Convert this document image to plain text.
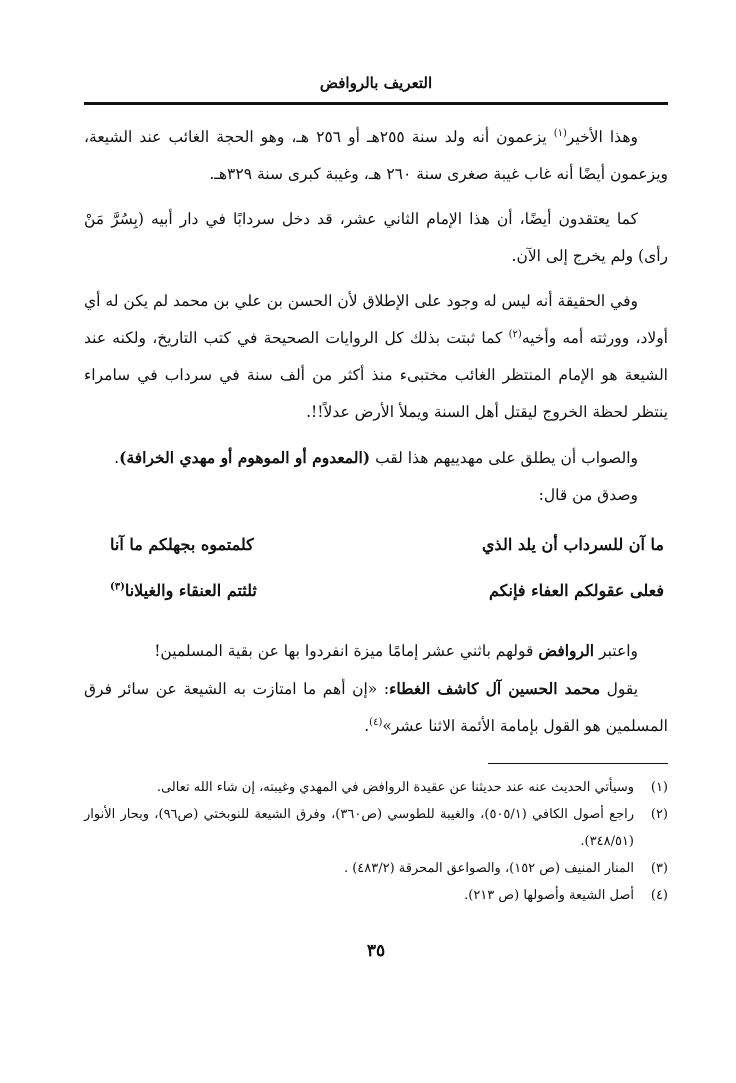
التعريف بالروافض

وهذا الأخير$^{(١)}$ يزعمون أنه ولد سنة ٢٥٥هـ أو ٢٥٦ هـ، وهو الحجة الغائب عند الشيعة، ويزعمون أيضًا أنه غاب غيبة صغرى سنة ٢٦٠ هـ، وغيبة كبرى سنة ٣٢٩هـ.

كما يعتقدون أيضًا، أن هذا الإمام الثاني عشر، قد دخل سردابًا في دار أبيه (بِسُرَّ مَنْ رأى) ولم يخرج إلى الآن.

وفي الحقيقة أنه ليس له وجود على الإطلاق لأن الحسن بن علي بن محمد لم يكن له أي أولاد، وورثته أمه وأخيه$^{(٢)}$ كما ثبتت بذلك كل الروايات الصحيحة في كتب التاريخ، ولكنه عند الشيعة هو الإمام المنتظر الغائب مختبىء منذ أكثر من ألف سنة في سرداب في سامراء ينتظر لحظة الخروج ليقتل أهل السنة ويملأ الأرض عدلاً!!.

والصواب أن يطلق على مهدييهم هذا لقب (المعدوم أو الموهوم أو مهدي الخرافة).

وصدق من قال:

ما آن للسرداب أن يلد الذي
كلمتموه بجهلكم ما آنا
فعلى عقولكم العفاء فإنكم
ثلثتم العنقاء والغيلانا$^{(٣)}$

واعتبر الروافض قولهم باثني عشر إمامًا ميزة انفردوا بها عن بقية المسلمين!

يقول محمد الحسين آل كاشف الغطاء: «إن أهم ما امتازت به الشيعة عن سائر فرق المسلمين هو القول بإمامة الأئمة الاثنا عشر»$^{(٤)}$.

(١)
وسيأتي الحديث عنه عند حديثنا عن عقيدة الروافض في المهدي وغيبته، إن شاء الله تعالى.
(٢)
راجع أصول الكافي (٥٠٥/١)، والغيبة للطوسي (ص٣٦٠)، وفرق الشيعة للنوبختي (ص٩٦)، وبحار الأنوار (٣٤٨/٥١).
(٣)
المنار المنيف (ص ١٥٢)، والصواعق المحرقة (٤٨٣/٢) .
(٤)
أصل الشيعة وأصولها (ص ٢١٣).
٣٥
